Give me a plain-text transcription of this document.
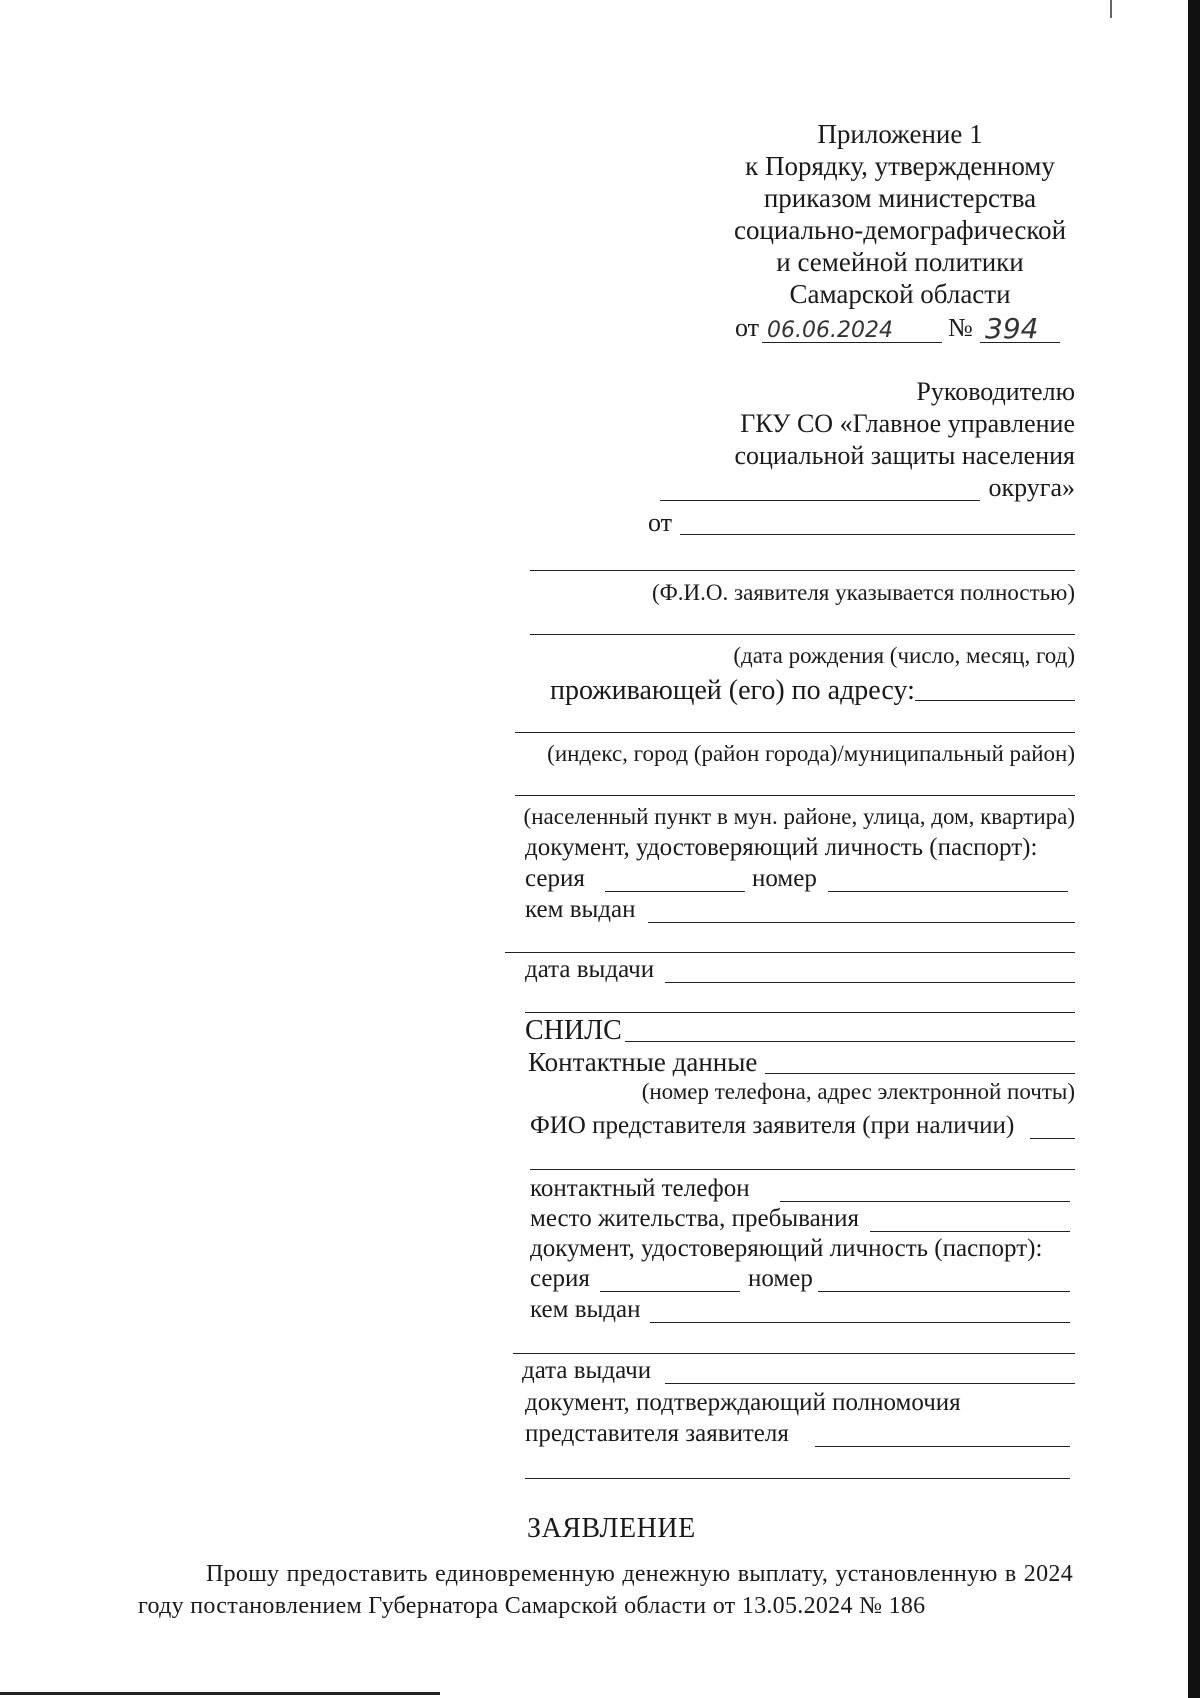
Приложение 1
к Порядку, утвержденному
приказом министерства
социально-демографической
и семейной политики
Самарской области
от 06.06.2024 № 394
Руководителю
ГКУ СО «Главное управление
социальной защиты населения
округа»
от
(Ф.И.О. заявителя указывается полностью)
(дата рождения (число, месяц, год)
проживающей (его) по адресу:
(индекс, город (район города)/муниципальный район)
(населенный пункт в мун. районе, улица, дом, квартира)
документ, удостоверяющий личность (паспорт):
серия	номер
кем выдан
дата выдачи
СНИЛС
Контактные данные
(номер телефона, адрес электронной почты)
ФИО представителя заявителя (при наличии)
контактный телефон
место жительства, пребывания
документ, удостоверяющий личность (паспорт):
серия	номер
кем выдан
дата выдачи
документ, подтверждающий полномочия
представителя заявителя
ЗАЯВЛЕНИЕ
Прошу предоставить единовременную денежную выплату, установленную в 2024 году постановлением Губернатора Самарской области от 13.05.2024 № 186
